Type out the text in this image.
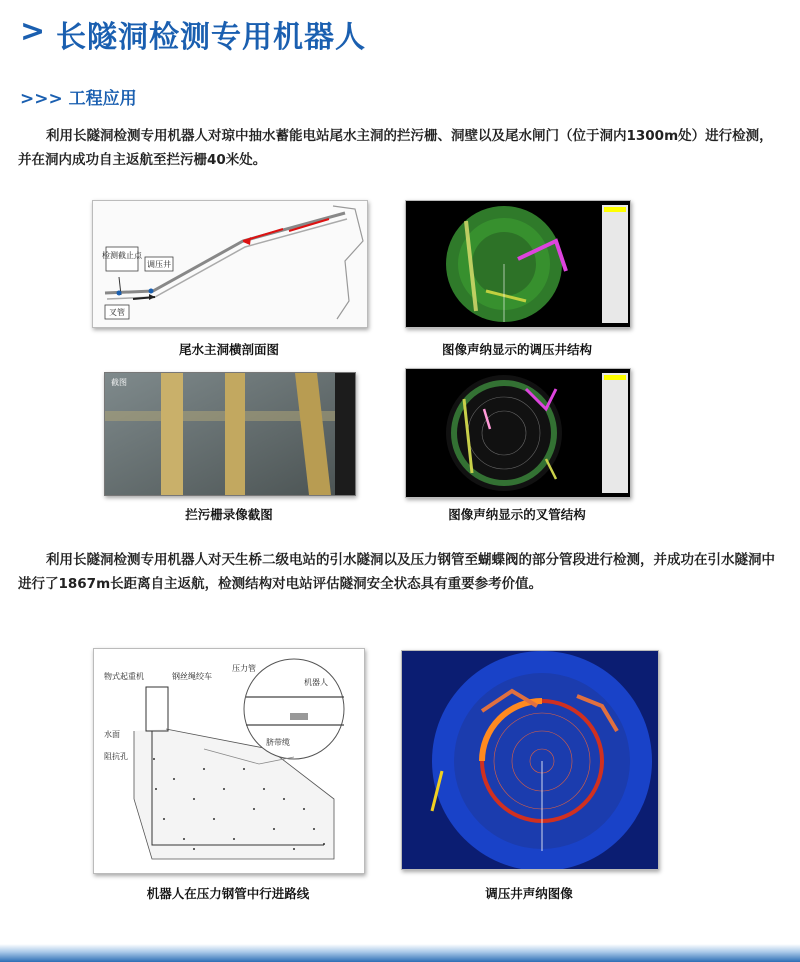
> 长隧洞检测专用机器人
>>> 工程应用
利用长隧洞检测专用机器人对琼中抽水蓄能电站尾水主洞的拦污栅、洞壁以及尾水闸门（位于洞内1300m处）进行检测，并在洞内成功自主返航至拦污栅40米处。
检测截止点
调压井
叉管
尾水主洞横剖面图	图像声纳显示的调压井结构
截图
拦污栅录像截图	图像声纳显示的叉管结构
利用长隧洞检测专用机器人对天生桥二级电站的引水隧洞以及压力钢管至蝴蝶阀的部分管段进行检测，并成功在引水隧洞中进行了1867m长距离自主返航，检测结构对电站评估隧洞安全状态具有重要参考价值。
钢丝绳绞车
物式起重机
压力管
机器人
水面
阻抗孔
脐带缆
机器人在压力钢管中行进路线	调压井声纳图像
